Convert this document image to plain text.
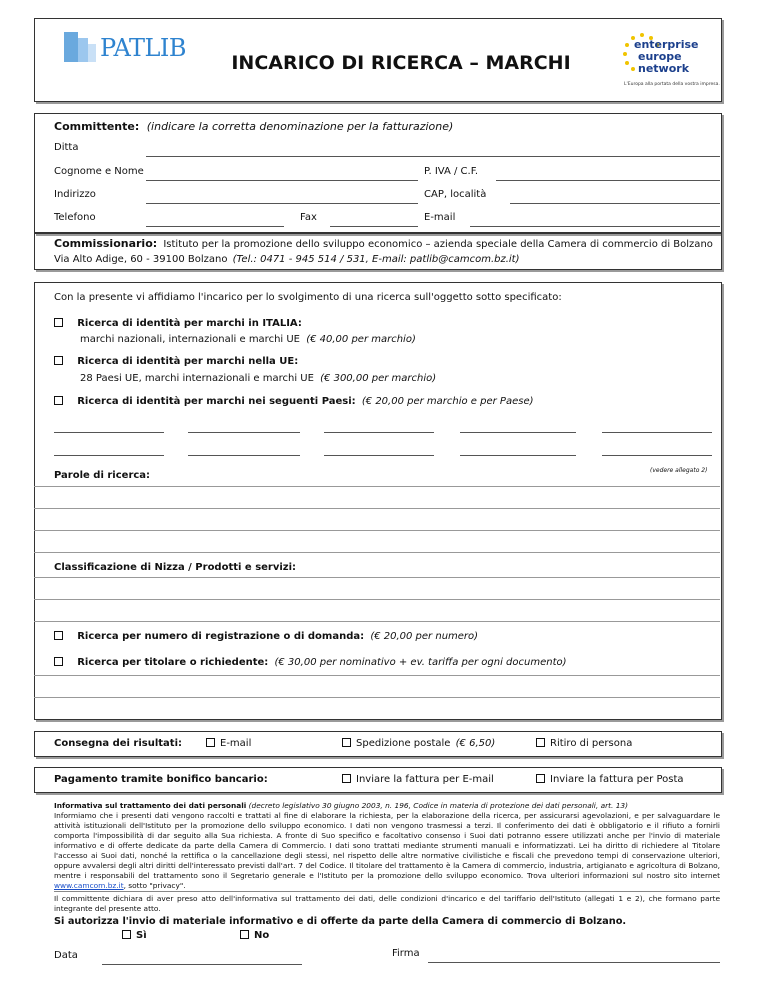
PATLIB
INCARICO DI RICERCA – MARCHI
enterprise
europe
network
L'Europa alla portata della vostra impresa.
Committente: (indicare la corretta denominazione per la fatturazione)
Ditta
Cognome e Nome	P. IVA / C.F.
Indirizzo	CAP, località
Telefono	Fax	E-mail
Commissionario: Istituto per la promozione dello sviluppo economico – azienda speciale della Camera di commercio di Bolzano
Via Alto Adige, 60 - 39100 Bolzano (Tel.: 0471 - 945 514 / 531, E-mail: patlib@camcom.bz.it)
Con la presente vi affidiamo l'incarico per lo svolgimento di una ricerca sull'oggetto sotto specificato:
Ricerca di identità per marchi in ITALIA:
marchi nazionali, internazionali e marchi UE (€ 40,00 per marchio)
Ricerca di identità per marchi nella UE:
28 Paesi UE, marchi internazionali e marchi UE (€ 300,00 per marchio)
Ricerca di identità per marchi nei seguenti Paesi: (€ 20,00 per marchio e per Paese)
Parole di ricerca:	(vedere allegato 2)
Classificazione di Nizza / Prodotti e servizi:
Ricerca per numero di registrazione o di domanda: (€ 20,00 per numero)
Ricerca per titolare o richiedente: (€ 30,00 per nominativo + ev. tariffa per ogni documento)
Consegna dei risultati:	E-mail	Spedizione postale (€ 6,50)	Ritiro di persona
Pagamento tramite bonifico bancario:	Inviare la fattura per E-mail	Inviare la fattura per Posta
Informativa sul trattamento dei dati personali (decreto legislativo 30 giugno 2003, n. 196, Codice in materia di protezione dei dati personali, art. 13)
Informiamo che i presenti dati vengono raccolti e trattati al fine di elaborare la richiesta, per la elaborazione della ricerca, per assicurarsi agevolazioni, e per salvaguardare le attività istituzionali dell'Istituto per la promozione dello sviluppo economico. I dati non vengono trasmessi a terzi. Il conferimento dei dati è obbligatorio e il rifiuto a fornirli comporta l'impossibilità di dar seguito alla Sua richiesta. A fronte di Suo specifico e facoltativo consenso i Suoi dati potranno essere utilizzati anche per l'invio di materiale informativo e di offerte dedicate da parte della Camera di Commercio. I dati sono trattati mediante strumenti manuali e informatizzati. Lei ha diritto di richiedere al Titolare l'accesso ai Suoi dati, nonché la rettifica o la cancellazione degli stessi, nel rispetto delle altre normative civilistiche e fiscali che prevedono tempi di conservazione ulteriori, oppure avvalersi degli altri diritti dell'interessato previsti dall'art. 7 del Codice. Il titolare del trattamento è la Camera di commercio, industria, artigianato e agricoltura di Bolzano, mentre i responsabili del trattamento sono il Segretario generale e l'Istituto per la promozione dello sviluppo economico. Trova ulteriori informazioni sul nostro sito internet www.camcom.bz.it, sotto "privacy".
Il committente dichiara di aver preso atto dell'informativa sul trattamento dei dati, delle condizioni d'incarico e del tariffario dell'Istituto (allegati 1 e 2), che formano parte integrante del presente atto.
Si autorizza l'invio di materiale informativo e di offerte da parte della Camera di commercio di Bolzano.
Sì	No
Data	Firma
